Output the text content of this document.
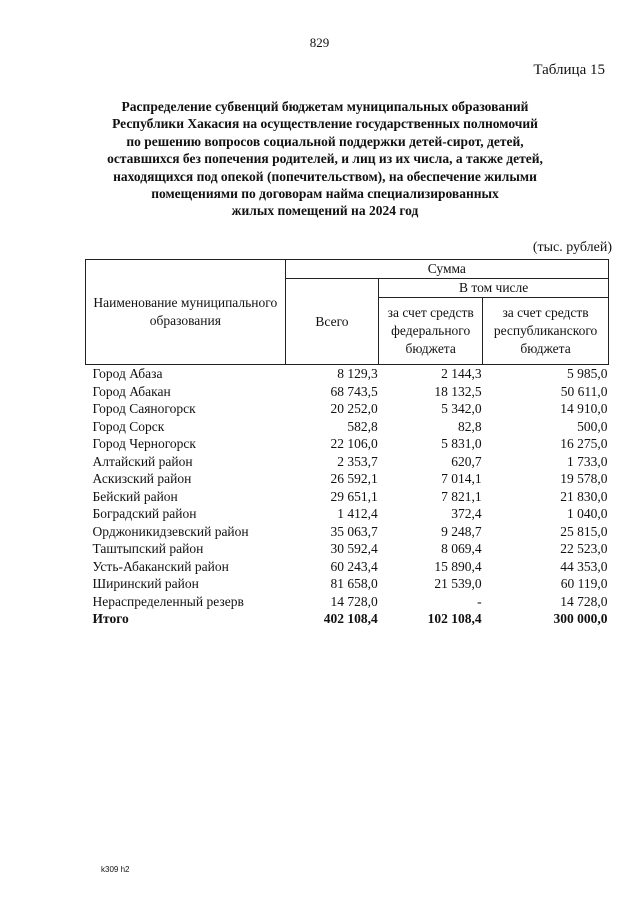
829
Таблица 15
Распределение субвенций бюджетам муниципальных образований
Республики Хакасия на осуществление государственных полномочий
по решению вопросов социальной поддержки детей-сирот, детей,
оставшихся без попечения родителей, и лиц из их числа, а также детей,
находящихся под опекой (попечительством), на обеспечение жилыми
помещениями по договорам найма специализированных
жилых помещений на 2024 год
(тыс. рублей)
Наименование муниципального образования	Сумма		
	Всего	В том числе	
		за счет средств федерального бюджета	за счет средств республиканского бюджета
Город Абаза	8 129,3	2 144,3	5 985,0
Город Абакан	68 743,5	18 132,5	50 611,0
Город Саяногорск	20 252,0	5 342,0	14 910,0
Город Сорск	582,8	82,8	500,0
Город Черногорск	22 106,0	5 831,0	16 275,0
Алтайский район	2 353,7	620,7	1 733,0
Аскизский район	26 592,1	7 014,1	19 578,0
Бейский район	29 651,1	7 821,1	21 830,0
Боградский район	1 412,4	372,4	1 040,0
Орджоникидзевский район	35 063,7	9 248,7	25 815,0
Таштыпский район	30 592,4	8 069,4	22 523,0
Усть-Абаканский район	60 243,4	15 890,4	44 353,0
Ширинский район	81 658,0	21 539,0	60 119,0
Нераспределенный резерв	14 728,0	-	14 728,0
Итого	402 108,4	102 108,4	300 000,0
k309 h2
